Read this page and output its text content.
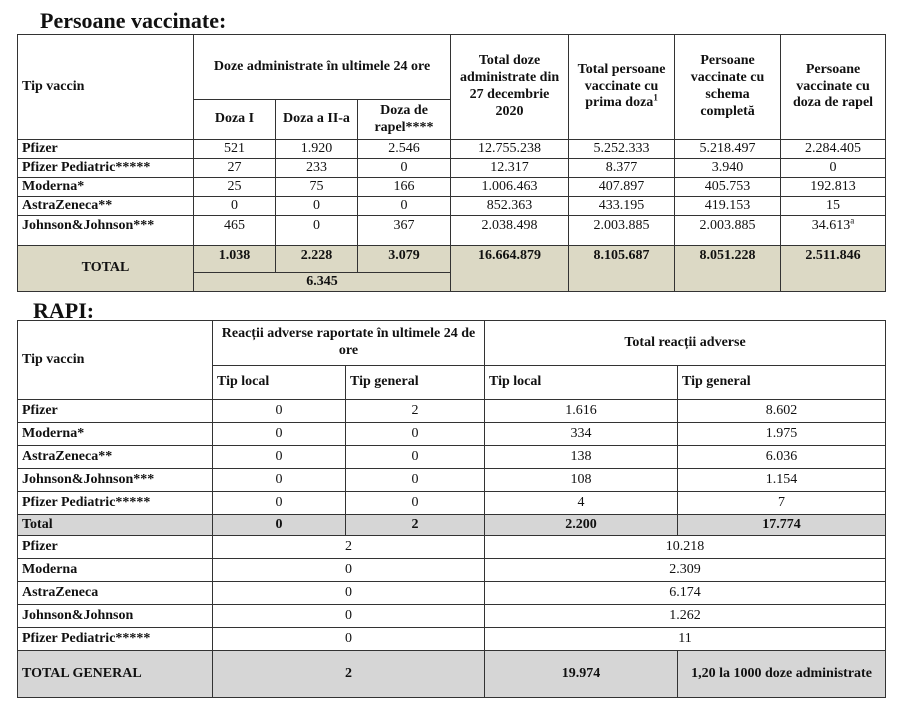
Persoane vaccinate:
Tip vaccin	Doze administrate în ultimele 24 ore			Total doze administrate din 27 decembrie 2020	Total persoane vaccinate cu prima doza$^1$	Persoane vaccinate cu schema completă	Persoane vaccinate cu doza de rapel
	Doza I	Doza a II-a	Doza de rapel****				
Pfizer	521	1.920	2.546	12.755.238	5.252.333	5.218.497	2.284.405
Pfizer Pediatric*****	27	233	0	12.317	8.377	3.940	0
Moderna*	25	75	166	1.006.463	407.897	405.753	192.813
AstraZeneca**	0	0	0	852.363	433.195	419.153	15
Johnson&Johnson***	465	0	367	2.038.498	2.003.885	2.003.885	34.613$^a$
TOTAL	1.038	2.228	3.079	16.664.879	8.105.687	8.051.228	2.511.846
	6.345						
RAPI:
Tip vaccin	Reacții adverse raportate în ultimele 24 de ore		Total reacții adverse	
	Tip local	Tip general	Tip local	Tip general
Pfizer	0	2	1.616	8.602
Moderna*	0	0	334	1.975
AstraZeneca**	0	0	138	6.036
Johnson&Johnson***	0	0	108	1.154
Pfizer Pediatric*****	0	0	4	7
Total	0	2	2.200	17.774
Pfizer	2		10.218	
Moderna	0		2.309	
AstraZeneca	0		6.174	
Johnson&Johnson	0		1.262	
Pfizer Pediatric*****	0		11	
TOTAL GENERAL	2		19.974	1,20 la 1000 doze administrate
